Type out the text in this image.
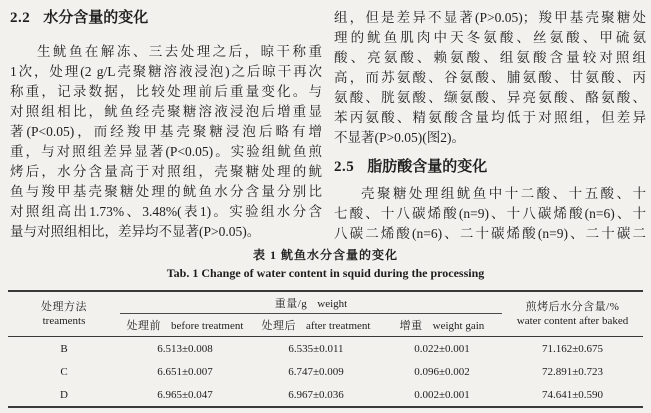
2.2 水分含量的变化
生鱿鱼在解冻、三去处理之后，晾干称重
1次，处理(2 g/L壳聚糖溶液浸泡)之后晾干再次
称重，记录数据，比较处理前后重量变化。与
对照组相比，鱿鱼经壳聚糖溶液浸泡后增重显
著(P<0.05)，而经羧甲基壳聚糖浸泡后略有增
重，与对照组差异显著(P<0.05)。实验组鱿鱼煎
烤后，水分含量高于对照组，壳聚糖处理的鱿
鱼与羧甲基壳聚糖处理的鱿鱼水分含量分别比
对照组高出1.73%、3.48%(表1)。实验组水分含
量与对照组相比，差异均不显著(P>0.05)。
组，但是差异不显著(P>0.05)；羧甲基壳聚糖处
理的鱿鱼肌肉中天冬氨酸、丝氨酸、甲硫氨
酸、亮氨酸、赖氨酸、组氨酸含量较对照组
高，而苏氨酸、谷氨酸、脯氨酸、甘氨酸、丙
氨酸、胱氨酸、缬氨酸、异亮氨酸、酪氨酸、
苯丙氨酸、精氨酸含量均低于对照组，但差异
不显著(P>0.05)(图2)。
2.5 脂肪酸含量的变化
壳聚糖处理组鱿鱼中十二酸、十五酸、十
七酸、十八碳烯酸(n=9)、十八碳烯酸(n=6)、十
八碳二烯酸(n=6)、二十碳烯酸(n=9)、二十碳二
表 1 鱿鱼水分含量的变化
Tab. 1 Change of water content in squid during the processing
处理方法
treaments
	重量/g weight	煎烤后水分含量/%
water content after baked

	处理前 before treatment	处理后 after treatment	增重 weight gain	
B	6.513±0.008	6.535±0.011	0.022±0.001	71.162±0.675
C	6.651±0.007	6.747±0.009	0.096±0.002	72.891±0.723
D	6.965±0.047	6.967±0.036	0.002±0.001	74.641±0.590
